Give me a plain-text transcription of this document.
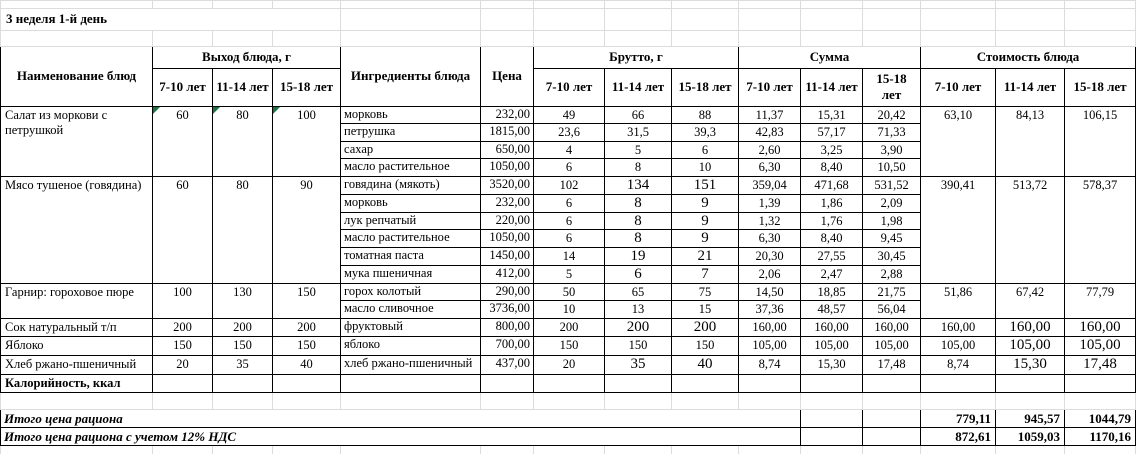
3 неделя 1-й день														

Наименование блюд	Выход блюда, г			Ингредиенты блюда	Цена	Брутто, г			Сумма			Стоимость блюда		
	7-10 лет	11-14 лет	15-18 лет			7-10 лет	11-14 лет	15-18 лет	7-10 лет	11-14 лет	15-18 лет	7-10 лет	11-14 лет	15-18 лет
Салат из моркови с петрушкой	60	80	100	морковь	232,00	49	66	88	11,37	15,31	20,42	63,10	84,13	106,15
				петрушка	1815,00	23,6	31,5	39,3	42,83	57,17	71,33			
				сахар	650,00	4	5	6	2,60	3,25	3,90			
				масло растительное	1050,00	6	8	10	6,30	8,40	10,50			
Мясо тушеное (говядина)	60	80	90	говядина (мякоть)	3520,00	102	134	151	359,04	471,68	531,52	390,41	513,72	578,37
				морковь	232,00	6	8	9	1,39	1,86	2,09			
				лук репчатый	220,00	6	8	9	1,32	1,76	1,98			
				масло растительное	1050,00	6	8	9	6,30	8,40	9,45			
				томатная паста	1450,00	14	19	21	20,30	27,55	30,45			
				мука пшеничная	412,00	5	6	7	2,06	2,47	2,88			
Гарнир: гороховое пюре	100	130	150	горох колотый	290,00	50	65	75	14,50	18,85	21,75	51,86	67,42	77,79
				масло сливочное	3736,00	10	13	15	37,36	48,57	56,04			
Сок натуральный т/п	200	200	200	фруктовый	800,00	200	200	200	160,00	160,00	160,00	160,00	160,00	160,00
Яблоко	150	150	150	яблоко	700,00	150	150	150	105,00	105,00	105,00	105,00	105,00	105,00
Хлеб ржано-пшеничный	20	35	40	хлеб ржано-пшеничный	437,00	20	35	40	8,74	15,30	17,48	8,74	15,30	17,48
Калорийность, ккал														

Итого цена рациона												779,11	945,57	1044,79
Итого цена рациона с учетом 12% НДС												872,61	1059,03	1170,16
